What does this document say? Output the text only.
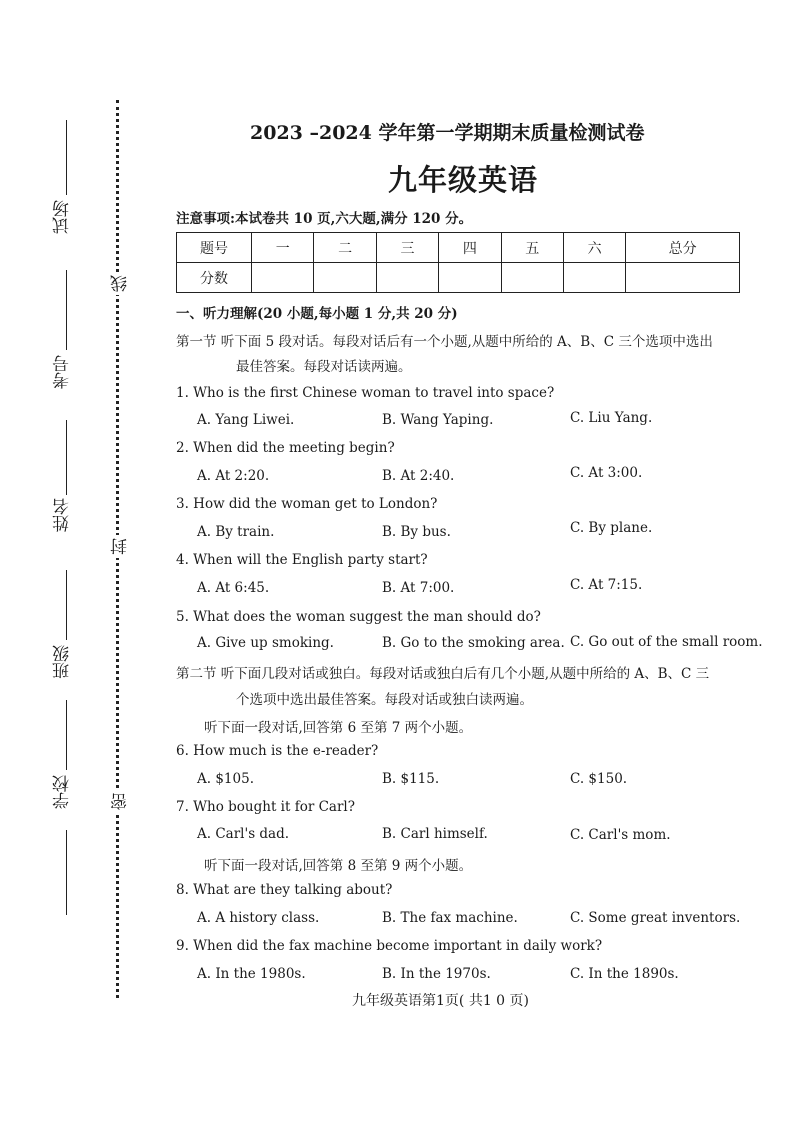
试场
考号
姓名
班级
学校
线
封
密
2023 –2024 学年第一学期期末质量检测试卷
九年级英语
注意事项:本试卷共 10 页,六大题,满分 120 分。
题号	一	二	三	四	五	六	总分
分数							
一、听力理解(20 小题,每小题 1 分,共 20 分)
第一节 听下面 5 段对话。每段对话后有一个小题,从题中所给的 A、B、C 三个选项中选出
最佳答案。每段对话读两遍。
1. Who is the first Chinese woman to travel into space?
A. Yang Liwei.	B. Wang Yaping.	C. Liu Yang.
2. When did the meeting begin?
A. At 2:20.	B. At 2:40.	C. At 3:00.
3. How did the woman get to London?
A. By train.	B. By bus.	C. By plane.
4. When will the English party start?
A. At 6:45.	B. At 7:00.	C. At 7:15.
5. What does the woman suggest the man should do?
A. Give up smoking.	B. Go to the smoking area. C. Go out of the small room.
第二节 听下面几段对话或独白。每段对话或独白后有几个小题,从题中所给的 A、B、C 三
个选项中选出最佳答案。每段对话或独白读两遍。
听下面一段对话,回答第 6 至第 7 两个小题。
6. How much is the e-reader?
A. $105.	B. $115.	C. $150.
7. Who bought it for Carl?
A. Carl's dad.	B. Carl himself.	C. Carl's mom.
听下面一段对话,回答第 8 至第 9 两个小题。
8. What are they talking about?
A. A history class.	B. The fax machine.	C. Some great inventors.
9. When did the fax machine become important in daily work?
A. In the 1980s.	B. In the 1970s.	C. In the 1890s.
九年级英语第1页( 共1 0 页)
